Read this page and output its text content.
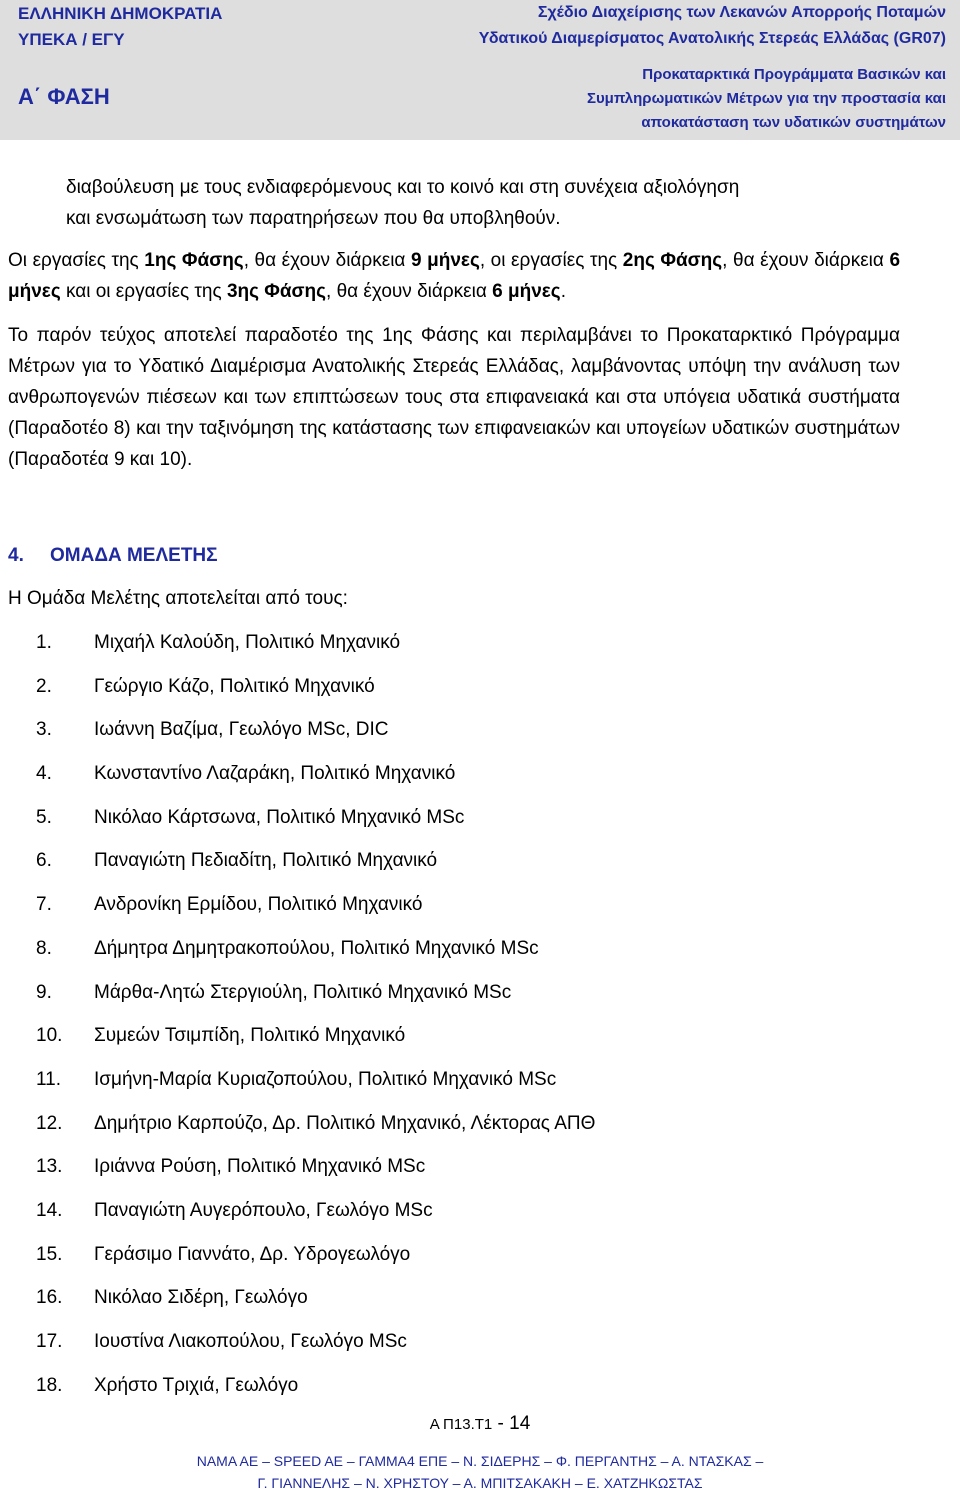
ΕΛΛΗΝΙΚΗ ΔΗΜΟΚΡΑΤΙΑ
ΥΠΕΚΑ / ΕΓΥ
Α΄ ΦΑΣΗ
Σχέδιο Διαχείρισης των Λεκανών Απορροής Ποταμών
Υδατικού Διαμερίσματος Ανατολικής Στερεάς Ελλάδας (GR07)
Προκαταρκτικά Προγράμματα Βασικών και
Συμπληρωματικών Μέτρων για την προστασία και
αποκατάσταση των υδατικών συστημάτων
διαβούλευση με τους ενδιαφερόμενους και το κοινό και στη συνέχεια αξιολόγηση
και ενσωμάτωση των παρατηρήσεων που θα υποβληθούν.
Οι εργασίες της 1ης Φάσης, θα έχουν διάρκεια 9 μήνες, οι εργασίες της 2ης Φάσης, θα έχουν διάρκεια 6 μήνες και οι εργασίες της 3ης Φάσης, θα έχουν διάρκεια 6 μήνες.
Το παρόν τεύχος αποτελεί παραδοτέο της 1ης Φάσης και περιλαμβάνει το Προκαταρκτικό Πρόγραμμα Μέτρων για το Υδατικό Διαμέρισμα Ανατολικής Στερεάς Ελλάδας, λαμβάνοντας υπόψη την ανάλυση των ανθρωπογενών πιέσεων και των επιπτώσεων τους στα επιφανειακά και στα υπόγεια υδατικά συστήματα (Παραδοτέο 8) και την ταξινόμηση της κατάστασης των επιφανειακών και υπογείων υδατικών συστημάτων (Παραδοτέα 9 και 10).
4. ΟΜΑΔΑ ΜΕΛΕΤΗΣ
Η Ομάδα Μελέτης αποτελείται από τους:
1.	Μιχαήλ Καλούδη, Πολιτικό Μηχανικό
2.	Γεώργιο Κάζο, Πολιτικό Μηχανικό
3.	Ιωάννη Βαζίμα, Γεωλόγο MSc, DIC
4.	Κωνσταντίνο Λαζαράκη, Πολιτικό Μηχανικό
5.	Νικόλαο Κάρτσωνα, Πολιτικό Μηχανικό MSc
6.	Παναγιώτη Πεδιαδίτη, Πολιτικό Μηχανικό
7.	Ανδρονίκη Ερμίδου, Πολιτικό Μηχανικό
8.	Δήμητρα Δημητρακοπούλου, Πολιτικό Μηχανικό MSc
9.	Μάρθα-Λητώ Στεργιούλη, Πολιτικό Μηχανικό MSc
10.	Συμεών Τσιμπίδη, Πολιτικό Μηχανικό
11.	Ισμήνη-Μαρία Κυριαζοπούλου, Πολιτικό Μηχανικό MSc
12.	Δημήτριο Καρπούζο, Δρ. Πολιτικό Μηχανικό, Λέκτορας ΑΠΘ
13.	Ιριάννα Ρούση, Πολιτικό Μηχανικό MSc
14.	Παναγιώτη Αυγερόπουλο, Γεωλόγο MSc
15.	Γεράσιμο Γιαννάτο, Δρ. Υδρογεωλόγο
16.	Νικόλαο Σιδέρη, Γεωλόγο
17.	Ιουστίνα Λιακοπούλου, Γεωλόγο MSc
18.	Χρήστο Τριχιά, Γεωλόγο
Α Π13.Τ1 - 14
ΝΑΜΑ ΑΕ – SPEED AE – ΓΑΜΜΑ4 ΕΠΕ – Ν. ΣΙΔΕΡΗΣ – Φ. ΠΕΡΓΑΝΤΗΣ – Α. ΝΤΑΣΚΑΣ –
Γ. ΓΙΑΝΝΕΛΗΣ – Ν. ΧΡΗΣΤΟΥ – Α. ΜΠΙΤΣΑΚΑΚΗ – Ε. ΧΑΤΖΗΚΩΣΤΑΣ
